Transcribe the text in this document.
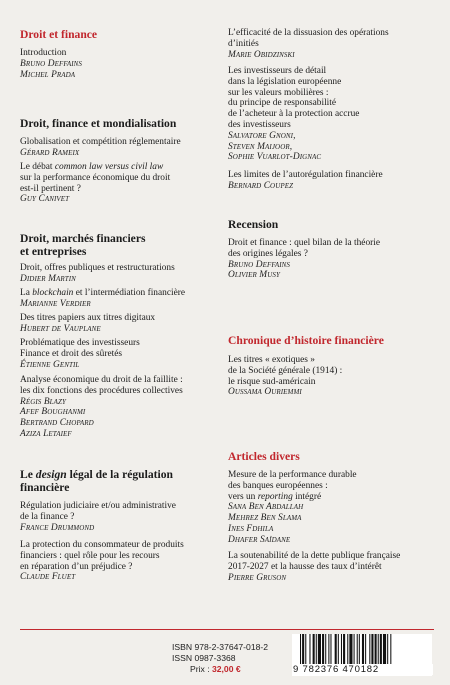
Droit et finance
Introduction
Bruno Deffains
Michel Prada
Droit, finance et mondialisation
Globalisation et compétition réglementaire
Gérard Rameix
Le débat common law versus civil law
sur la performance économique du droit
est-il pertinent ?
Guy Canivet
Droit, marchés financiers
et entreprises
Droit, offres publiques et restructurations
Didier Martin
La blockchain et l’intermédiation financière
Marianne Verdier
Des titres papiers aux titres digitaux
Hubert de Vauplane
Problématique des investisseurs
Finance et droit des sûretés
Étienne Gentil
Analyse économique du droit de la faillite :
les dix fonctions des procédures collectives
Régis Blazy
Afef Boughanmi
Bertrand Chopard
Aziza Letaief
Le design légal de la régulation
financière
Régulation judiciaire et/ou administrative
de la finance ?
France Drummond
La protection du consommateur de produits
financiers : quel rôle pour les recours
en réparation d’un préjudice ?
Claude Fluet
L’efficacité de la dissuasion des opérations
d’initiés
Marie Obidzinski
Les investisseurs de détail
dans la législation européenne
sur les valeurs mobilières :
du principe de responsabilité
de l’acheteur à la protection accrue
des investisseurs
Salvatore Gnoni,
Steven Maijoor,
Sophie Vuarlot-Dignac
Les limites de l’autorégulation financière
Bernard Coupez
Recension
Droit et finance : quel bilan de la théorie
des origines légales ?
Bruno Deffains
Olivier Musy
Chronique d’histoire financière
Les titres « exotiques »
de la Société générale (1914) :
le risque sud-américain
Oussama Ouriemmi
Articles divers
Mesure de la performance durable
des banques européennes :
vers un reporting intégré
Sana Ben Abdallah
Mehrez Ben Slama
Ines Fdhila
Dhafer Saïdane
La soutenabilité de la dette publique française
2017-2027 et la hausse des taux d’intérêt
Pierre Gruson
ISBN 978-2-37647-018-2
ISSN 0987-3368
Prix : 32,00 €	9 782376 470182
